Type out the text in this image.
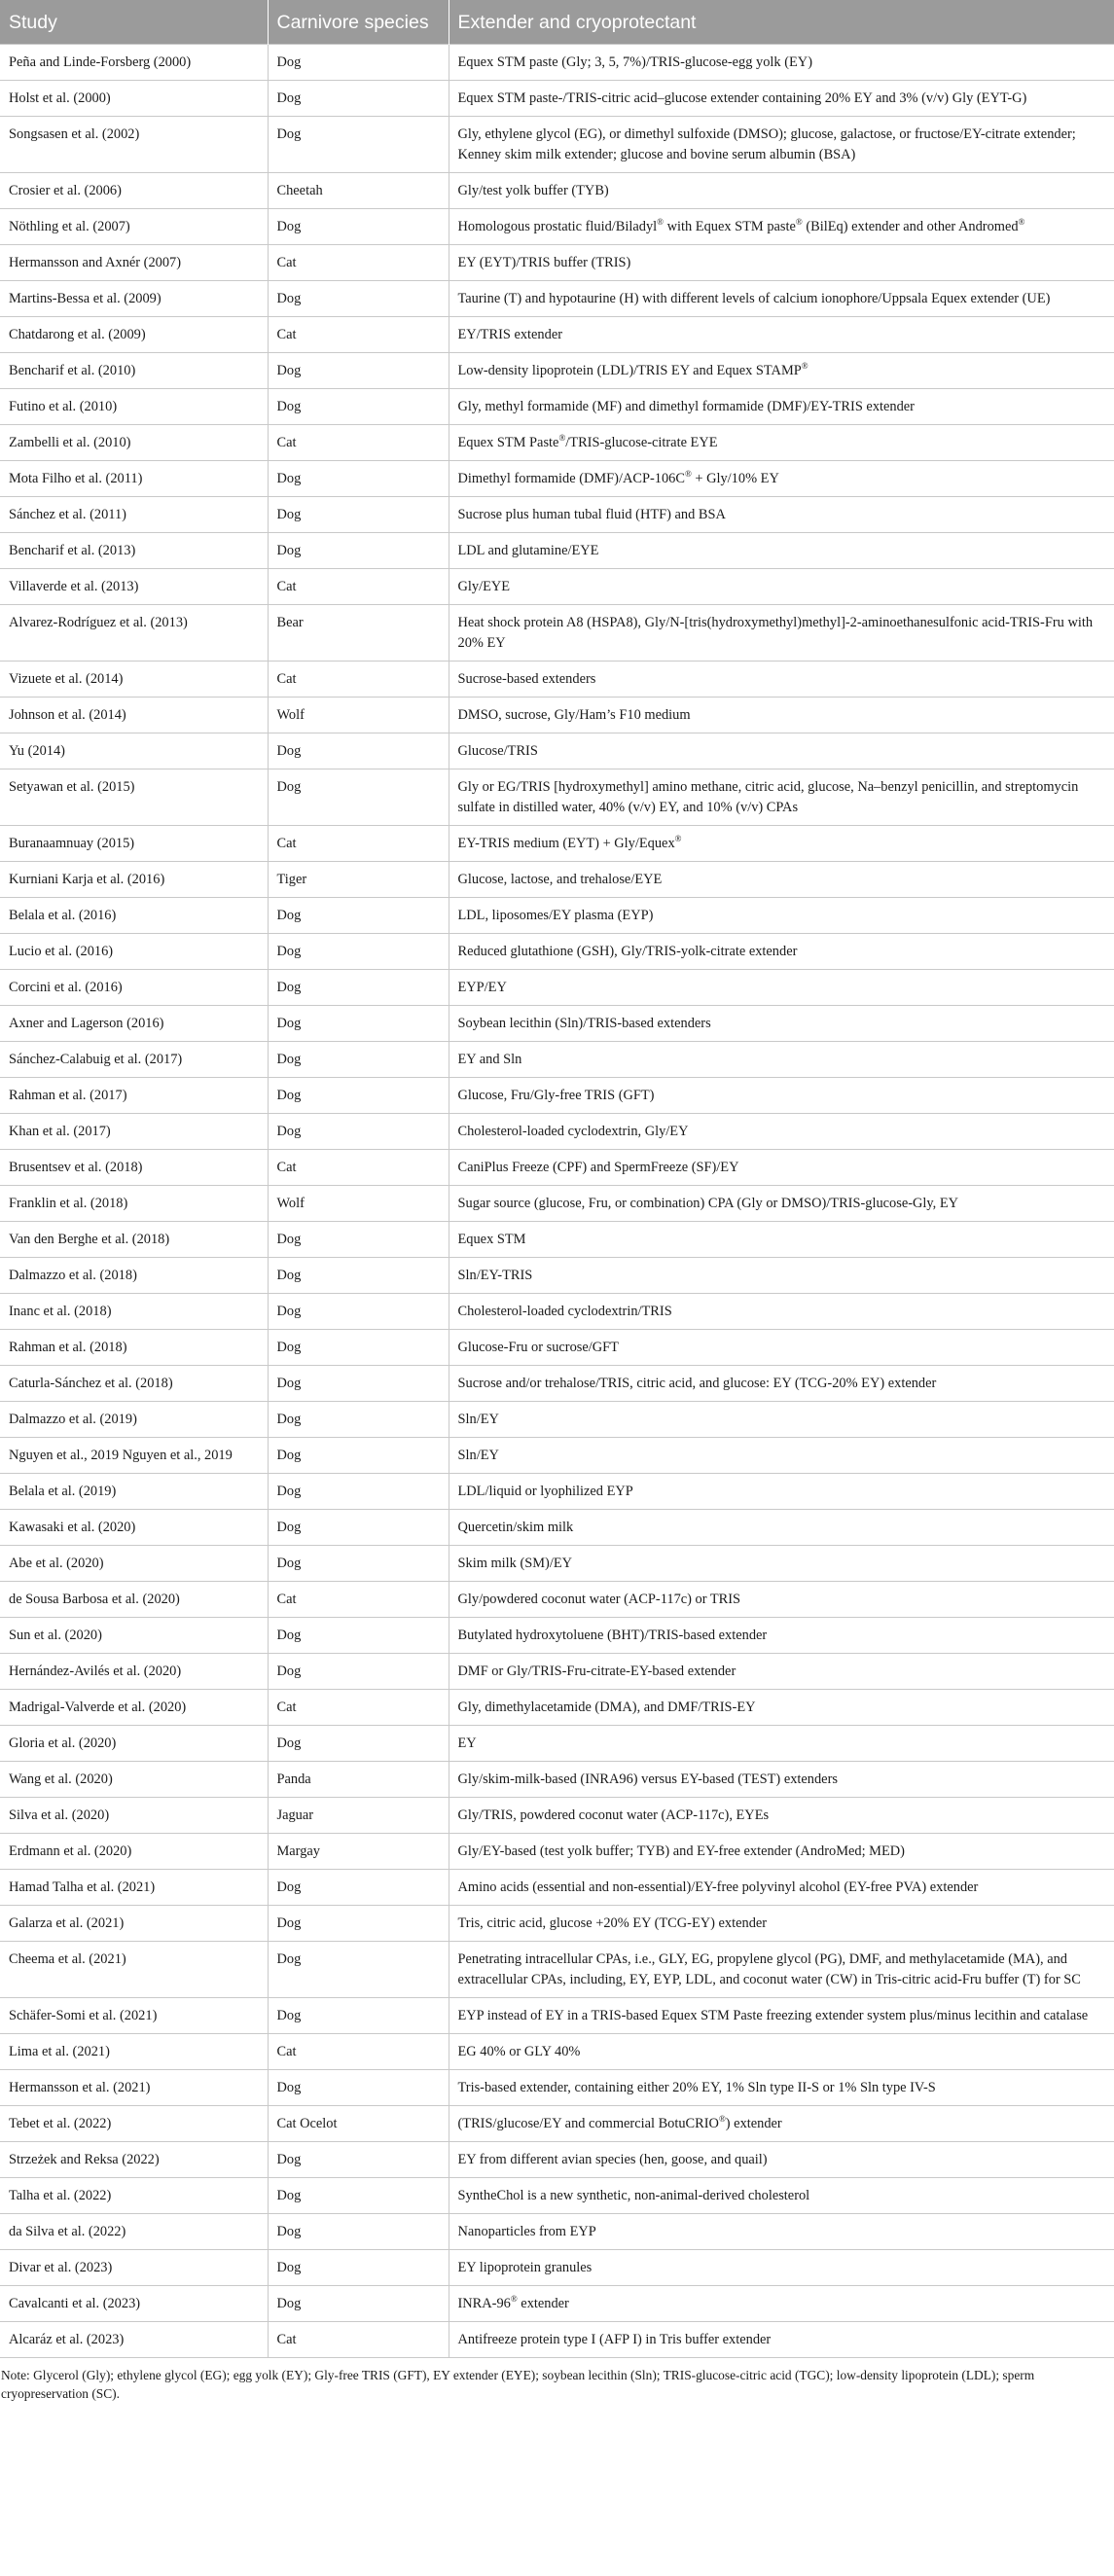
Study	Carnivore species	Extender and cryoprotectant
Peña and Linde-Forsberg (2000)	Dog	Equex STM paste (Gly; 3, 5, 7%)/TRIS-glucose-egg yolk (EY)
Holst et al. (2000)	Dog	Equex STM paste-/TRIS-citric acid–glucose extender containing 20% EY and 3% (v/v) Gly (EYT-G)
Songsasen et al. (2002)	Dog	Gly, ethylene glycol (EG), or dimethyl sulfoxide (DMSO); glucose, galactose, or fructose/EY-citrate extender; Kenney skim milk extender; glucose and bovine serum albumin (BSA)
Crosier et al. (2006)	Cheetah	Gly/test yolk buffer (TYB)
Nöthling et al. (2007)	Dog	Homologous prostatic fluid/Biladyl® with Equex STM paste® (BilEq) extender and other Andromed®
Hermansson and Axnér (2007)	Cat	EY (EYT)/TRIS buffer (TRIS)
Martins-Bessa et al. (2009)	Dog	Taurine (T) and hypotaurine (H) with different levels of calcium ionophore/Uppsala Equex extender (UE)
Chatdarong et al. (2009)	Cat	EY/TRIS extender
Bencharif et al. (2010)	Dog	Low-density lipoprotein (LDL)/TRIS EY and Equex STAMP®
Futino et al. (2010)	Dog	Gly, methyl formamide (MF) and dimethyl formamide (DMF)/EY-TRIS extender
Zambelli et al. (2010)	Cat	Equex STM Paste®/TRIS-glucose-citrate EYE
Mota Filho et al. (2011)	Dog	Dimethyl formamide (DMF)/ACP-106C® + Gly/10% EY
Sánchez et al. (2011)	Dog	Sucrose plus human tubal fluid (HTF) and BSA
Bencharif et al. (2013)	Dog	LDL and glutamine/EYE
Villaverde et al. (2013)	Cat	Gly/EYE
Alvarez-Rodríguez et al. (2013)	Bear	Heat shock protein A8 (HSPA8), Gly/N-[tris(hydroxymethyl)methyl]-2-aminoethanesulfonic acid-TRIS-Fru with 20% EY
Vizuete et al. (2014)	Cat	Sucrose-based extenders
Johnson et al. (2014)	Wolf	DMSO, sucrose, Gly/Ham’s F10 medium
Yu (2014)	Dog	Glucose/TRIS
Setyawan et al. (2015)	Dog	Gly or EG/TRIS [hydroxymethyl] amino methane, citric acid, glucose, Na–benzyl penicillin, and streptomycin sulfate in distilled water, 40% (v/v) EY, and 10% (v/v) CPAs
Buranaamnuay (2015)	Cat	EY-TRIS medium (EYT) + Gly/Equex®
Kurniani Karja et al. (2016)	Tiger	Glucose, lactose, and trehalose/EYE
Belala et al. (2016)	Dog	LDL, liposomes/EY plasma (EYP)
Lucio et al. (2016)	Dog	Reduced glutathione (GSH), Gly/TRIS-yolk-citrate extender
Corcini et al. (2016)	Dog	EYP/EY
Axner and Lagerson (2016)	Dog	Soybean lecithin (Sln)/TRIS-based extenders
Sánchez-Calabuig et al. (2017)	Dog	EY and Sln
Rahman et al. (2017)	Dog	Glucose, Fru/Gly-free TRIS (GFT)
Khan et al. (2017)	Dog	Cholesterol-loaded cyclodextrin, Gly/EY
Brusentsev et al. (2018)	Cat	CaniPlus Freeze (CPF) and SpermFreeze (SF)/EY
Franklin et al. (2018)	Wolf	Sugar source (glucose, Fru, or combination) CPA (Gly or DMSO)/TRIS-glucose-Gly, EY
Van den Berghe et al. (2018)	Dog	Equex STM
Dalmazzo et al. (2018)	Dog	Sln/EY-TRIS
Inanc et al. (2018)	Dog	Cholesterol-loaded cyclodextrin/TRIS
Rahman et al. (2018)	Dog	Glucose-Fru or sucrose/GFT
Caturla-Sánchez et al. (2018)	Dog	Sucrose and/or trehalose/TRIS, citric acid, and glucose: EY (TCG-20% EY) extender
Dalmazzo et al. (2019)	Dog	Sln/EY
Nguyen et al., 2019 Nguyen et al., 2019	Dog	Sln/EY
Belala et al. (2019)	Dog	LDL/liquid or lyophilized EYP
Kawasaki et al. (2020)	Dog	Quercetin/skim milk
Abe et al. (2020)	Dog	Skim milk (SM)/EY
de Sousa Barbosa et al. (2020)	Cat	Gly/powdered coconut water (ACP-117c) or TRIS
Sun et al. (2020)	Dog	Butylated hydroxytoluene (BHT)/TRIS-based extender
Hernández-Avilés et al. (2020)	Dog	DMF or Gly/TRIS-Fru-citrate-EY-based extender
Madrigal-Valverde et al. (2020)	Cat	Gly, dimethylacetamide (DMA), and DMF/TRIS-EY
Gloria et al. (2020)	Dog	EY
Wang et al. (2020)	Panda	Gly/skim-milk-based (INRA96) versus EY-based (TEST) extenders
Silva et al. (2020)	Jaguar	Gly/TRIS, powdered coconut water (ACP-117c), EYEs
Erdmann et al. (2020)	Margay	Gly/EY-based (test yolk buffer; TYB) and EY-free extender (AndroMed; MED)
Hamad Talha et al. (2021)	Dog	Amino acids (essential and non-essential)/EY-free polyvinyl alcohol (EY-free PVA) extender
Galarza et al. (2021)	Dog	Tris, citric acid, glucose +20% EY (TCG-EY) extender
Cheema et al. (2021)	Dog	Penetrating intracellular CPAs, i.e., GLY, EG, propylene glycol (PG), DMF, and methylacetamide (MA), and extracellular CPAs, including, EY, EYP, LDL, and coconut water (CW) in Tris-citric acid-Fru buffer (T) for SC
Schäfer-Somi et al. (2021)	Dog	EYP instead of EY in a TRIS-based Equex STM Paste freezing extender system plus/minus lecithin and catalase
Lima et al. (2021)	Cat	EG 40% or GLY 40%
Hermansson et al. (2021)	Dog	Tris-based extender, containing either 20% EY, 1% Sln type II-S or 1% Sln type IV-S
Tebet et al. (2022)	Cat Ocelot	(TRIS/glucose/EY and commercial BotuCRIO®) extender
Strzeżek and Reksa (2022)	Dog	EY from different avian species (hen, goose, and quail)
Talha et al. (2022)	Dog	SyntheChol is a new synthetic, non-animal-derived cholesterol
da Silva et al. (2022)	Dog	Nanoparticles from EYP
Divar et al. (2023)	Dog	EY lipoprotein granules
Cavalcanti et al. (2023)	Dog	INRA-96® extender
Alcaráz et al. (2023)	Cat	Antifreeze protein type I (AFP I) in Tris buffer extender
Note: Glycerol (Gly); ethylene glycol (EG); egg yolk (EY); Gly-free TRIS (GFT), EY extender (EYE); soybean lecithin (Sln); TRIS-glucose-citric acid (TGC); low-density lipoprotein (LDL); sperm cryopreservation (SC).
